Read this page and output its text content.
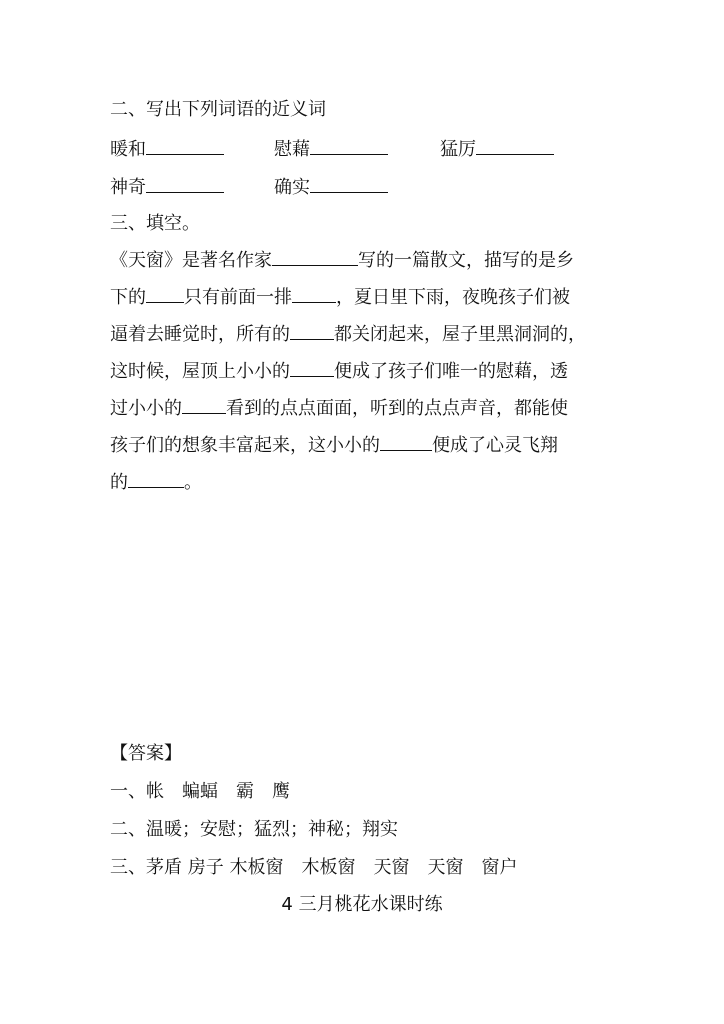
二、写出下列词语的近义词
暖和	慰藉	猛厉
神奇	确实
三、填空。
《天窗》是著名作家	写的一篇散文，描写的是乡
下的 只有前面一排 ，夏日里下雨，夜晚孩子们被
逼着去睡觉时，所有的 都关闭起来，屋子里黑洞洞的，
这时候，屋顶上小小的 便成了孩子们唯一的慰藉，透
过小小的 看到的点点面面，听到的点点声音，都能使
孩子们的想象丰富起来，这小小的	便成了心灵飞翔
的	。
【答案】
一、帐　蝙蝠　霸　鹰
二、温暖；安慰；猛烈；神秘；翔实
三、茅盾 房子 木板窗　木板窗　天窗　天窗　窗户
4 三月桃花水课时练
